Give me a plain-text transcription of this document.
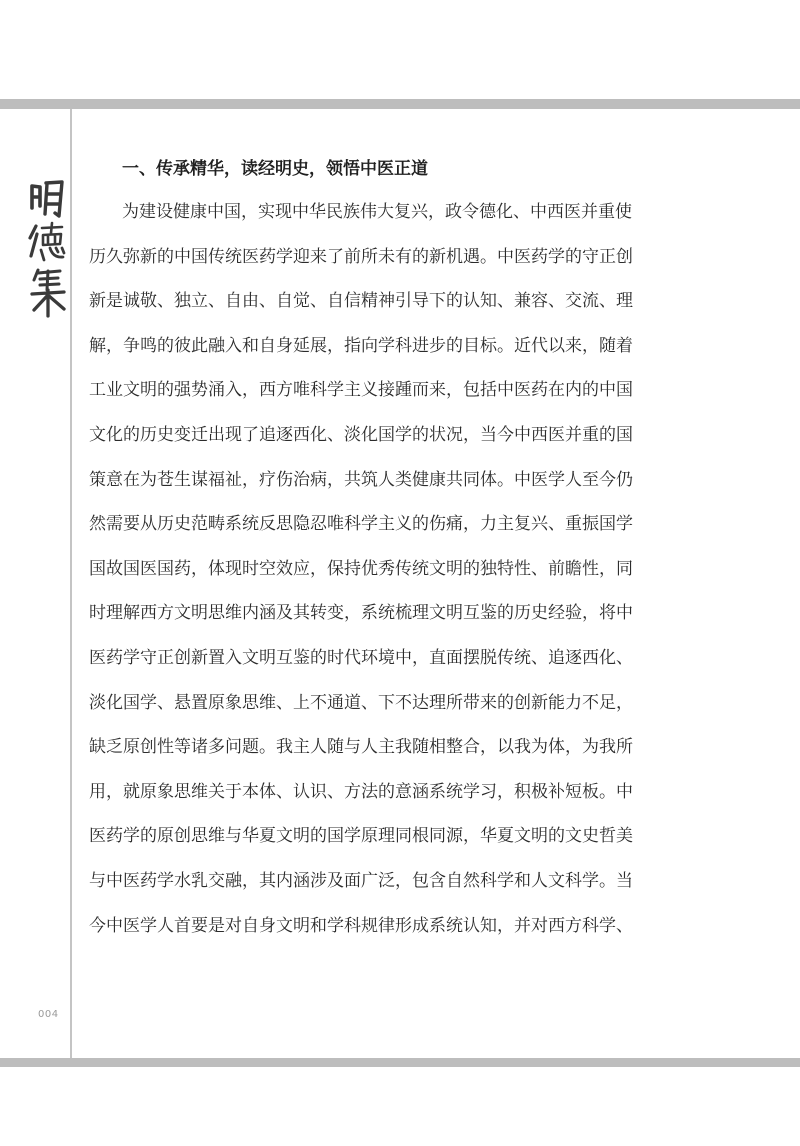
一、传承精华，读经明史，领悟中医正道

为建设健康中国，实现中华民族伟大复兴，政令德化、中西医并重使

历久弥新的中国传统医药学迎来了前所未有的新机遇。中医药学的守正创

新是诚敬、独立、自由、自觉、自信精神引导下的认知、兼容、交流、理

解，争鸣的彼此融入和自身延展，指向学科进步的目标。近代以来，随着

工业文明的强势涌入，西方唯科学主义接踵而来，包括中医药在内的中国

文化的历史变迁出现了追逐西化、淡化国学的状况，当今中西医并重的国

策意在为苍生谋福祉，疗伤治病，共筑人类健康共同体。中医学人至今仍

然需要从历史范畴系统反思隐忍唯科学主义的伤痛，力主复兴、重振国学

国故国医国药，体现时空效应，保持优秀传统文明的独特性、前瞻性，同

时理解西方文明思维内涵及其转变，系统梳理文明互鉴的历史经验，将中

医药学守正创新置入文明互鉴的时代环境中，直面摆脱传统、追逐西化、

淡化国学、悬置原象思维、上不通道、下不达理所带来的创新能力不足，

缺乏原创性等诸多问题。我主人随与人主我随相整合，以我为体，为我所

用，就原象思维关于本体、认识、方法的意涵系统学习，积极补短板。中

医药学的原创思维与华夏文明的国学原理同根同源，华夏文明的文史哲美

与中医药学水乳交融，其内涵涉及面广泛，包含自然科学和人文科学。当

今中医学人首要是对自身文明和学科规律形成系统认知，并对西方科学、

004
